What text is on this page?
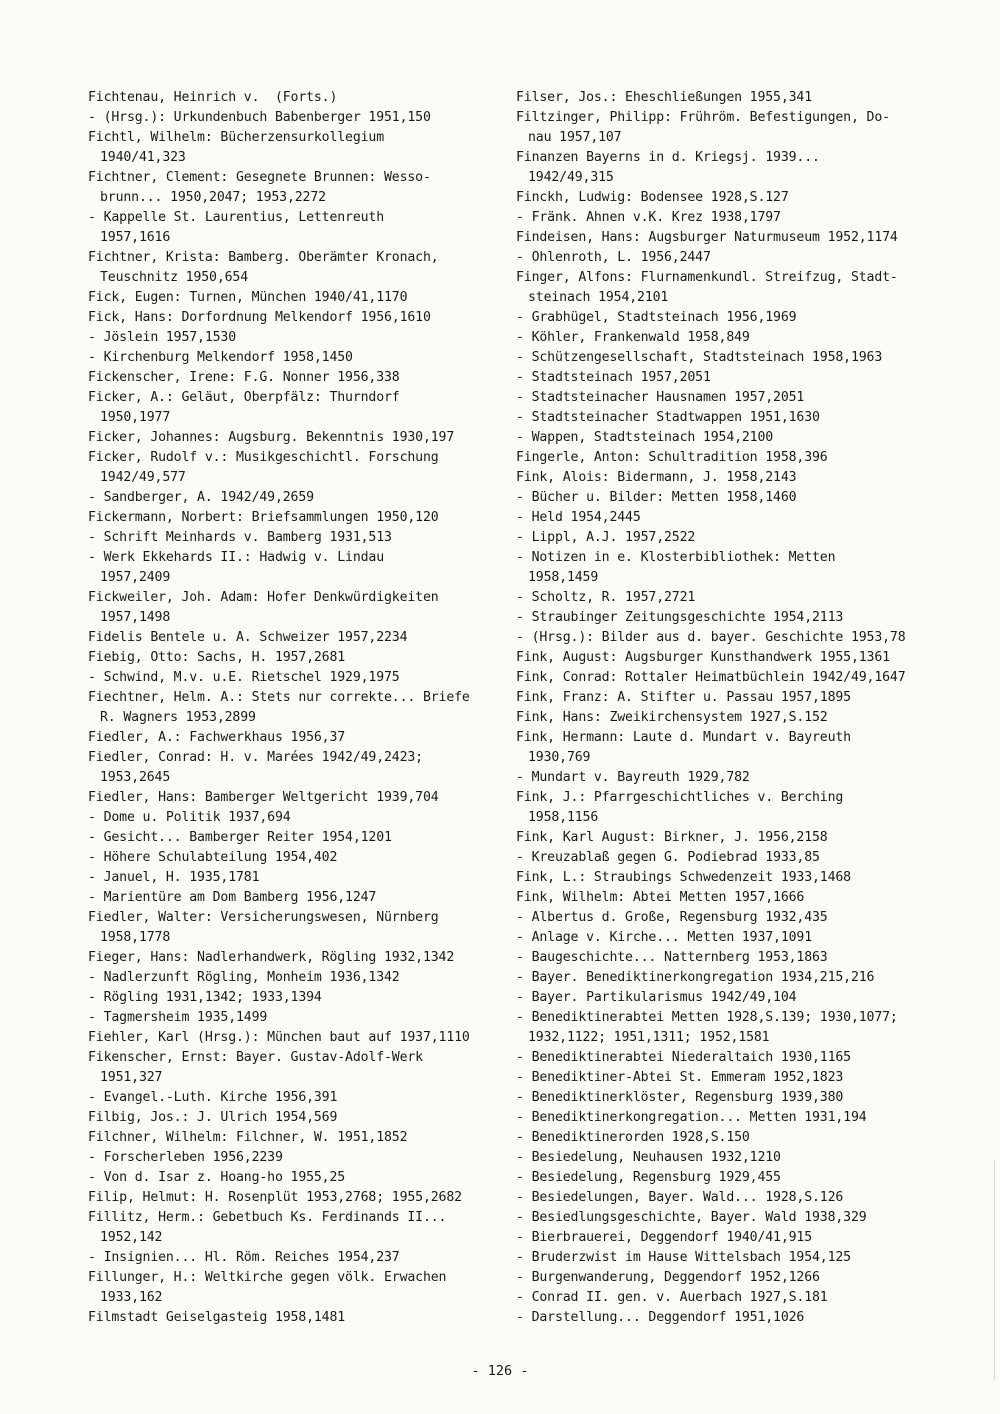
Fichtenau, Heinrich v.  (Forts.)
- (Hrsg.): Urkundenbuch Babenberger 1951,150
Fichtl, Wilhelm: Bücherzensurkollegium
1940/41,323
Fichtner, Clement: Gesegnete Brunnen: Wesso-
brunn... 1950,2047; 1953,2272
- Kappelle St. Laurentius, Lettenreuth
1957,1616
Fichtner, Krista: Bamberg. Oberämter Kronach,
Teuschnitz 1950,654
Fick, Eugen: Turnen, München 1940/41,1170
Fick, Hans: Dorfordnung Melkendorf 1956,1610
- Jöslein 1957,1530
- Kirchenburg Melkendorf 1958,1450
Fickenscher, Irene: F.G. Nonner 1956,338
Ficker, A.: Geläut, Oberpfälz: Thurndorf
1950,1977
Ficker, Johannes: Augsburg. Bekenntnis 1930,197
Ficker, Rudolf v.: Musikgeschichtl. Forschung
1942/49,577
- Sandberger, A. 1942/49,2659
Fickermann, Norbert: Briefsammlungen 1950,120
- Schrift Meinhards v. Bamberg 1931,513
- Werk Ekkehards II.: Hadwig v. Lindau
1957,2409
Fickweiler, Joh. Adam: Hofer Denkwürdigkeiten
1957,1498
Fidelis Bentele u. A. Schweizer 1957,2234
Fiebig, Otto: Sachs, H. 1957,2681
- Schwind, M.v. u.E. Rietschel 1929,1975
Fiechtner, Helm. A.: Stets nur correkte... Briefe
R. Wagners 1953,2899
Fiedler, A.: Fachwerkhaus 1956,37
Fiedler, Conrad: H. v. Marées 1942/49,2423;
1953,2645
Fiedler, Hans: Bamberger Weltgericht 1939,704
- Dome u. Politik 1937,694
- Gesicht... Bamberger Reiter 1954,1201
- Höhere Schulabteilung 1954,402
- Januel, H. 1935,1781
- Marientüre am Dom Bamberg 1956,1247
Fiedler, Walter: Versicherungswesen, Nürnberg
1958,1778
Fieger, Hans: Nadlerhandwerk, Rögling 1932,1342
- Nadlerzunft Rögling, Monheim 1936,1342
- Rögling 1931,1342; 1933,1394
- Tagmersheim 1935,1499
Fiehler, Karl (Hrsg.): München baut auf 1937,1110
Fikenscher, Ernst: Bayer. Gustav-Adolf-Werk
1951,327
- Evangel.-Luth. Kirche 1956,391
Filbig, Jos.: J. Ulrich 1954,569
Filchner, Wilhelm: Filchner, W. 1951,1852
- Forscherleben 1956,2239
- Von d. Isar z. Hoang-ho 1955,25
Filip, Helmut: H. Rosenplüt 1953,2768; 1955,2682
Fillitz, Herm.: Gebetbuch Ks. Ferdinands II...
1952,142
- Insignien... Hl. Röm. Reiches 1954,237
Fillunger, H.: Weltkirche gegen völk. Erwachen
1933,162
Filmstadt Geiselgasteig 1958,1481
Filser, Jos.: Eheschließungen 1955,341
Filtzinger, Philipp: Frühröm. Befestigungen, Do-
nau 1957,107
Finanzen Bayerns in d. Kriegsj. 1939...
1942/49,315
Finckh, Ludwig: Bodensee 1928,S.127
- Fränk. Ahnen v.K. Krez 1938,1797
Findeisen, Hans: Augsburger Naturmuseum 1952,1174
- Ohlenroth, L. 1956,2447
Finger, Alfons: Flurnamenkundl. Streifzug, Stadt-
steinach 1954,2101
- Grabhügel, Stadtsteinach 1956,1969
- Köhler, Frankenwald 1958,849
- Schützengesellschaft, Stadtsteinach 1958,1963
- Stadtsteinach 1957,2051
- Stadtsteinacher Hausnamen 1957,2051
- Stadtsteinacher Stadtwappen 1951,1630
- Wappen, Stadtsteinach 1954,2100
Fingerle, Anton: Schultradition 1958,396
Fink, Alois: Bidermann, J. 1958,2143
- Bücher u. Bilder: Metten 1958,1460
- Held 1954,2445
- Lippl, A.J. 1957,2522
- Notizen in e. Klosterbibliothek: Metten
1958,1459
- Scholtz, R. 1957,2721
- Straubinger Zeitungsgeschichte 1954,2113
- (Hrsg.): Bilder aus d. bayer. Geschichte 1953,78
Fink, August: Augsburger Kunsthandwerk 1955,1361
Fink, Conrad: Rottaler Heimatbüchlein 1942/49,1647
Fink, Franz: A. Stifter u. Passau 1957,1895
Fink, Hans: Zweikirchensystem 1927,S.152
Fink, Hermann: Laute d. Mundart v. Bayreuth
1930,769
- Mundart v. Bayreuth 1929,782
Fink, J.: Pfarrgeschichtliches v. Berching
1958,1156
Fink, Karl August: Birkner, J. 1956,2158
- Kreuzablaß gegen G. Podiebrad 1933,85
Fink, L.: Straubings Schwedenzeit 1933,1468
Fink, Wilhelm: Abtei Metten 1957,1666
- Albertus d. Große, Regensburg 1932,435
- Anlage v. Kirche... Metten 1937,1091
- Baugeschichte... Natternberg 1953,1863
- Bayer. Benediktinerkongregation 1934,215,216
- Bayer. Partikularismus 1942/49,104
- Benediktinerabtei Metten 1928,S.139; 1930,1077;
1932,1122; 1951,1311; 1952,1581
- Benediktinerabtei Niederaltaich 1930,1165
- Benediktiner-Abtei St. Emmeram 1952,1823
- Benediktinerklöster, Regensburg 1939,380
- Benediktinerkongregation... Metten 1931,194
- Benediktinerorden 1928,S.150
- Besiedelung, Neuhausen 1932,1210
- Besiedelung, Regensburg 1929,455
- Besiedelungen, Bayer. Wald... 1928,S.126
- Besiedlungsgeschichte, Bayer. Wald 1938,329
- Bierbrauerei, Deggendorf 1940/41,915
- Bruderzwist im Hause Wittelsbach 1954,125
- Burgenwanderung, Deggendorf 1952,1266
- Conrad II. gen. v. Auerbach 1927,S.181
- Darstellung... Deggendorf 1951,1026
- 126 -
